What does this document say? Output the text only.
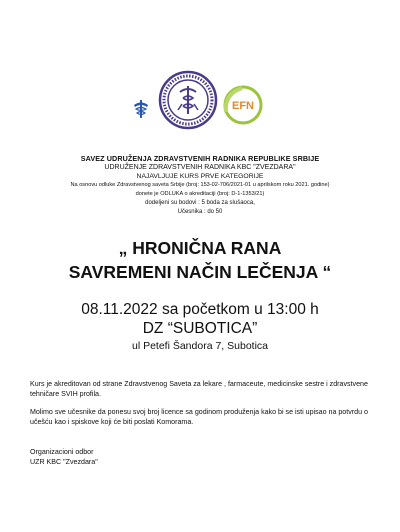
EFN
SAVEZ UDRUŽENJA ZDRAVSTVENIH RADNIKA REPUBLIKE SRBIJE
UDRUŽENJE ZDRAVSTVENIH RADNIKA KBC "ZVEZDARA"
NAJAVLJUJE KURS PRVE KATEGORIJE
Na osnovu odluke Zdravstvenog saveta Srbije (broj: 153-02-706/2021-01 u aprilskom roku 2021. godine)
donete je ODLUKA o akreditaciji (broj: D-1-1353/21)
dodeljeni su bodovi : 5 boda za slušaoca,
Učesnika : do 50
„ HRONIČNA RANA
SAVREMENI NAČIN LEČENJA “
08.11.2022 sa početkom u 13:00 h
DZ “SUBOTICA”
ul Petefi Šandora 7, Subotica

Kurs je akreditovan od strane Zdravstvenog Saveta za lekare , farmaceute, medicinske sestre i zdravstvene tehničare SVIH profila.

Molimo sve učesnike da ponesu svoj broj licence sa godinom produženja kako bi se isti upisao na potvrdu o učešću kao i spiskove koji će biti poslati Komorama.

Organizacioni odbor
UZR KBC "Zvezdara"
